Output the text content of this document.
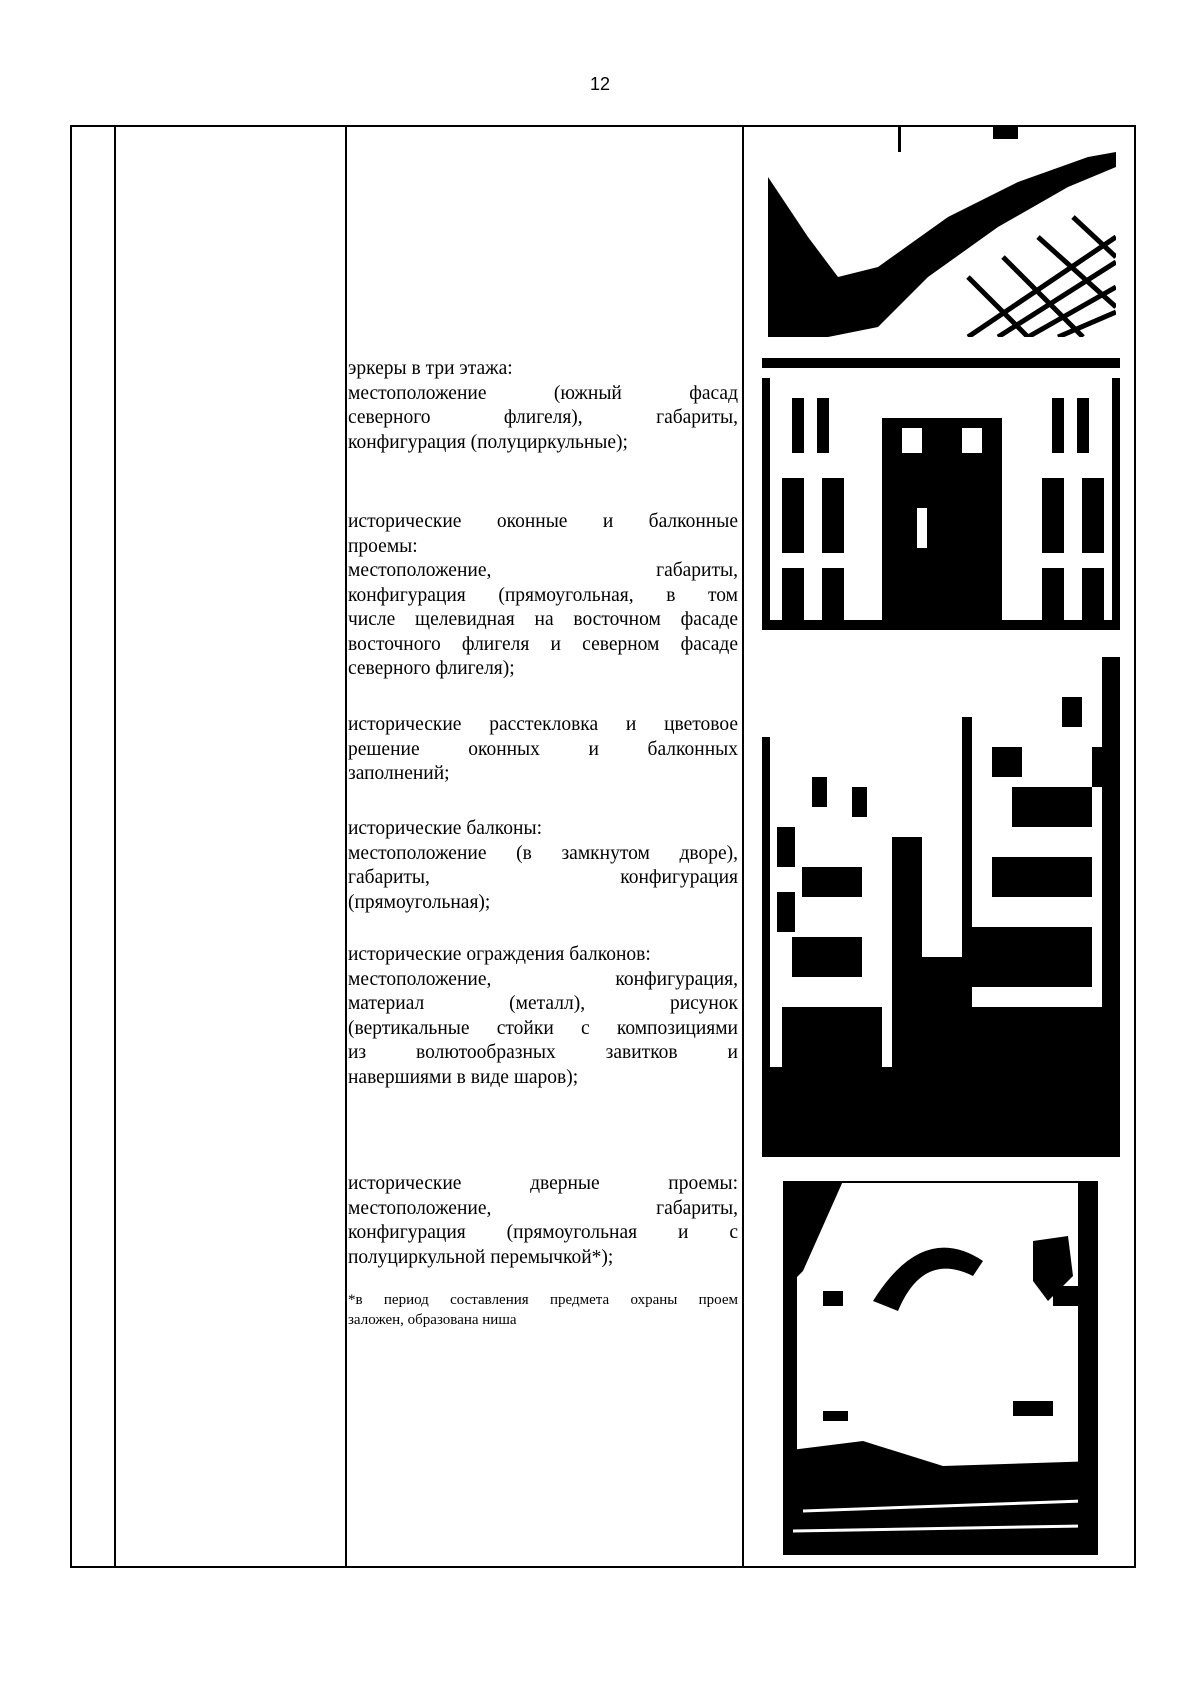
12
эркеры в три этажа:
местоположение (южный фасад
северного флигеля), габариты,
конфигурация (полуциркульные);
исторические оконные и балконные
проемы:
местоположение, габариты,
конфигурация (прямоугольная, в том
числе щелевидная на восточном фасаде
восточного флигеля и северном фасаде
северного флигеля);
исторические расстекловка и цветовое
решение оконных и балконных
заполнений;
исторические балконы:
местоположение (в замкнутом дворе),
габариты, конфигурация
(прямоугольная);
исторические ограждения балконов:
местоположение, конфигурация,
материал (металл), рисунок
(вертикальные стойки с композициями
из волютообразных завитков и
навершиями в виде шаров);
исторические дверные проемы:
местоположение, габариты,
конфигурация (прямоугольная и с
полуциркульной перемычкой*);
*в период составления предмета охраны проем
заложен, образована ниша
